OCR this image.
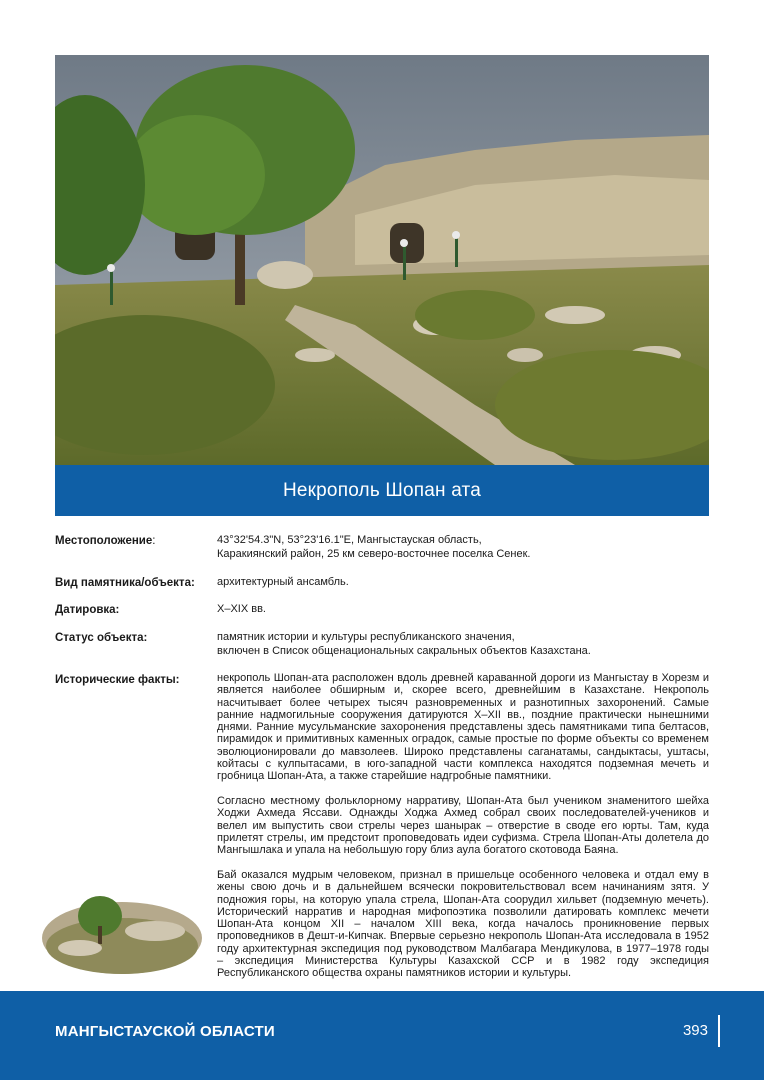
Некрополь Шопан ата
Местоположение:	43°32'54.3"N, 53°23'16.1"E, Мангыстауская область,
Каракиянский район, 25 км северо-восточнее поселка Сенек.
Вид памятника/объекта:	архитектурный ансамбль.
Датировка:	X–XIX вв.
Статус объекта:	памятник истории и культуры республиканского значения,
включен в Список общенациональных сакральных объектов Казахстана.
Исторические факты:	некрополь Шопан-ата расположен вдоль древней караванной дороги из Мангыстау в Хорезм и является наиболее обширным и, скорее всего, древнейшим в Казахстане. Некрополь насчитывает более четырех тысяч разновременных и разнотипных захоронений. Самые ранние надмогильные сооружения датируются X–XII вв., поздние практически нынешними днями. Ранние мусульманские захоронения представлены здесь памятниками типа белтасов, пирамидок и примитивных каменных оградок, самые простые по форме объекты со временем эволюционировали до мавзолеев. Широко представлены саганатамы, сандыктасы, уштасы, койтасы с кулпытасами, в юго-западной части комплекса находятся подземная мечеть и гробница Шопан-Ата, а также старейшие надгробные памятники.
Согласно местному фольклорному нарративу, Шопан-Ата был учеником знаменитого шейха Ходжи Ахмеда Яссави. Однажды Ходжа Ахмед собрал своих последователей-учеников и велел им выпустить свои стрелы через шанырак – отверстие в своде его юрты. Там, куда прилетят стрелы, им предстоит проповедовать идеи суфизма. Стрела Шопан-Аты долетела до Мангышлака и упала на небольшую гору близ аула богатого скотовода Баяна.
Бай оказался мудрым человеком, признал в пришельце особенного человека и отдал ему в жены свою дочь и в дальнейшем всячески покровительствовал всем начинаниям зятя. У подножия горы, на которую упала стрела, Шопан-Ата соорудил хильвет (подземную мечеть). Исторический нарратив и народная мифопоэтика позволили датировать комплекс мечети Шопан-Ата концом XII – началом XIII века, когда началось проникновение первых проповедников в Дешт-и-Кипчак. Впервые серьезно некрополь Шопан-Ата исследовала в 1952 году архитектурная экспедиция под руководством Малбагара Мендикулова, в 1977–1978 годы – экспедиция Министерства Культуры Казахской ССР и в 1982 году экспедиция Республиканского общества охраны памятников истории и культуры.
МАНГЫСТАУСКОЙ ОБЛАСТИ	393
